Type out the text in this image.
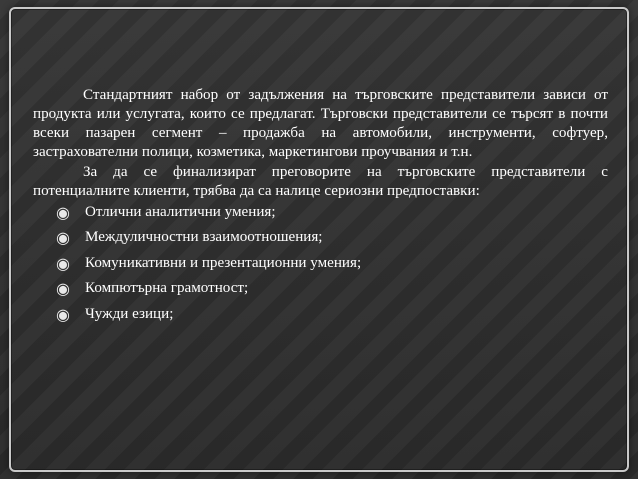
Стандартният набор от задължения на търговските представители зависи от продукта или услугата, които се предлагат. Търговски представители се търсят в почти всеки пазарен сегмент – продажба на автомобили, инструменти, софтуер, застрахователни полици, козметика, маркетингови проучвания и т.н.

За да се финализират преговорите на търговските представители с потенциалните клиенти, трябва да са налице сериозни предпоставки:

◉ Отлични аналитични умения;
◉ Междуличностни взаимоотношения;
◉ Комуникативни и презентационни умения;
◉ Компютърна грамотност;
◉ Чужди езици;
